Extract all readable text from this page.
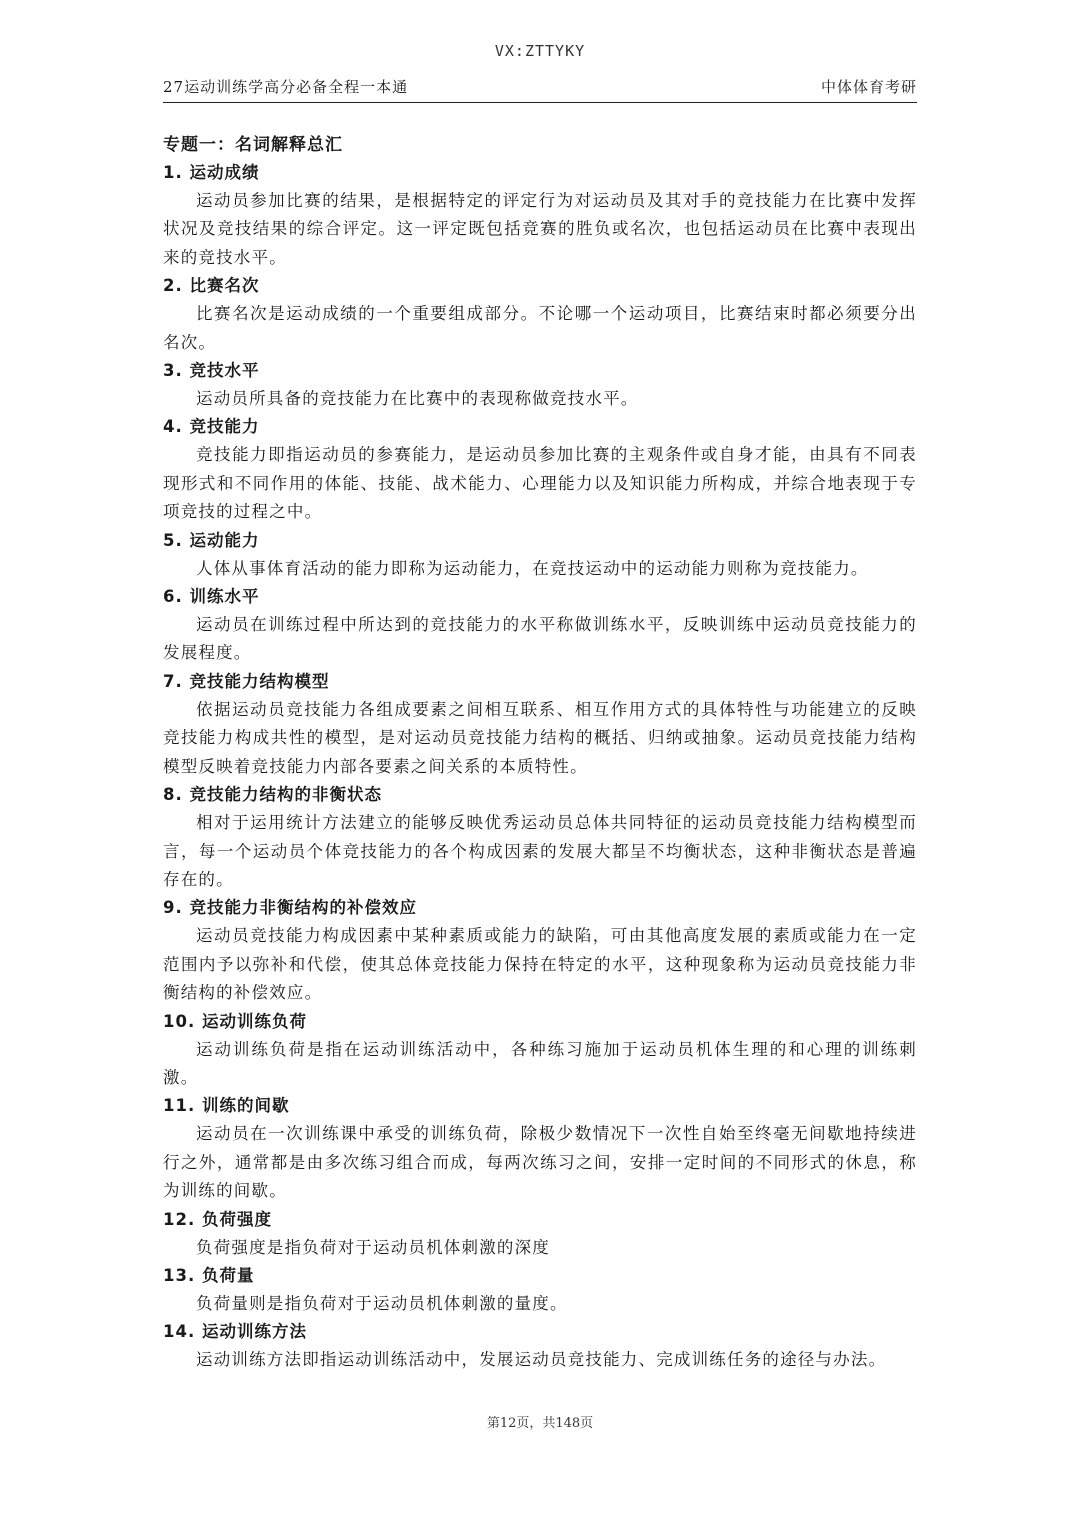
VX:ZTTYKY
27运动训练学高分必备全程一本通	中体体育考研

专题一：名词解释总汇

1. 运动成绩

运动员参加比赛的结果，是根据特定的评定行为对运动员及其对手的竞技能力在比赛中发挥状况及竞技结果的综合评定。这一评定既包括竞赛的胜负或名次，也包括运动员在比赛中表现出来的竞技水平。

2. 比赛名次

比赛名次是运动成绩的一个重要组成部分。不论哪一个运动项目，比赛结束时都必须要分出名次。

3. 竞技水平

运动员所具备的竞技能力在比赛中的表现称做竞技水平。

4. 竞技能力

竞技能力即指运动员的参赛能力，是运动员参加比赛的主观条件或自身才能，由具有不同表现形式和不同作用的体能、技能、战术能力、心理能力以及知识能力所构成，并综合地表现于专项竞技的过程之中。

5. 运动能力

人体从事体育活动的能力即称为运动能力，在竞技运动中的运动能力则称为竞技能力。

6. 训练水平

运动员在训练过程中所达到的竞技能力的水平称做训练水平，反映训练中运动员竞技能力的发展程度。

7. 竞技能力结构模型

依据运动员竞技能力各组成要素之间相互联系、相互作用方式的具体特性与功能建立的反映竞技能力构成共性的模型，是对运动员竞技能力结构的概括、归纳或抽象。运动员竞技能力结构模型反映着竞技能力内部各要素之间关系的本质特性。

8. 竞技能力结构的非衡状态

相对于运用统计方法建立的能够反映优秀运动员总体共同特征的运动员竞技能力结构模型而言，每一个运动员个体竞技能力的各个构成因素的发展大都呈不均衡状态，这种非衡状态是普遍存在的。

9. 竞技能力非衡结构的补偿效应

运动员竞技能力构成因素中某种素质或能力的缺陷，可由其他高度发展的素质或能力在一定范围内予以弥补和代偿，使其总体竞技能力保持在特定的水平，这种现象称为运动员竞技能力非衡结构的补偿效应。

10. 运动训练负荷

运动训练负荷是指在运动训练活动中，各种练习施加于运动员机体生理的和心理的训练刺激。

11. 训练的间歇

运动员在一次训练课中承受的训练负荷，除极少数情况下一次性自始至终毫无间歇地持续进行之外，通常都是由多次练习组合而成，每两次练习之间，安排一定时间的不同形式的休息，称为训练的间歇。

12. 负荷强度

负荷强度是指负荷对于运动员机体刺激的深度

13. 负荷量

负荷量则是指负荷对于运动员机体刺激的量度。

14. 运动训练方法

运动训练方法即指运动训练活动中，发展运动员竞技能力、完成训练任务的途径与办法。

第12页，共148页
